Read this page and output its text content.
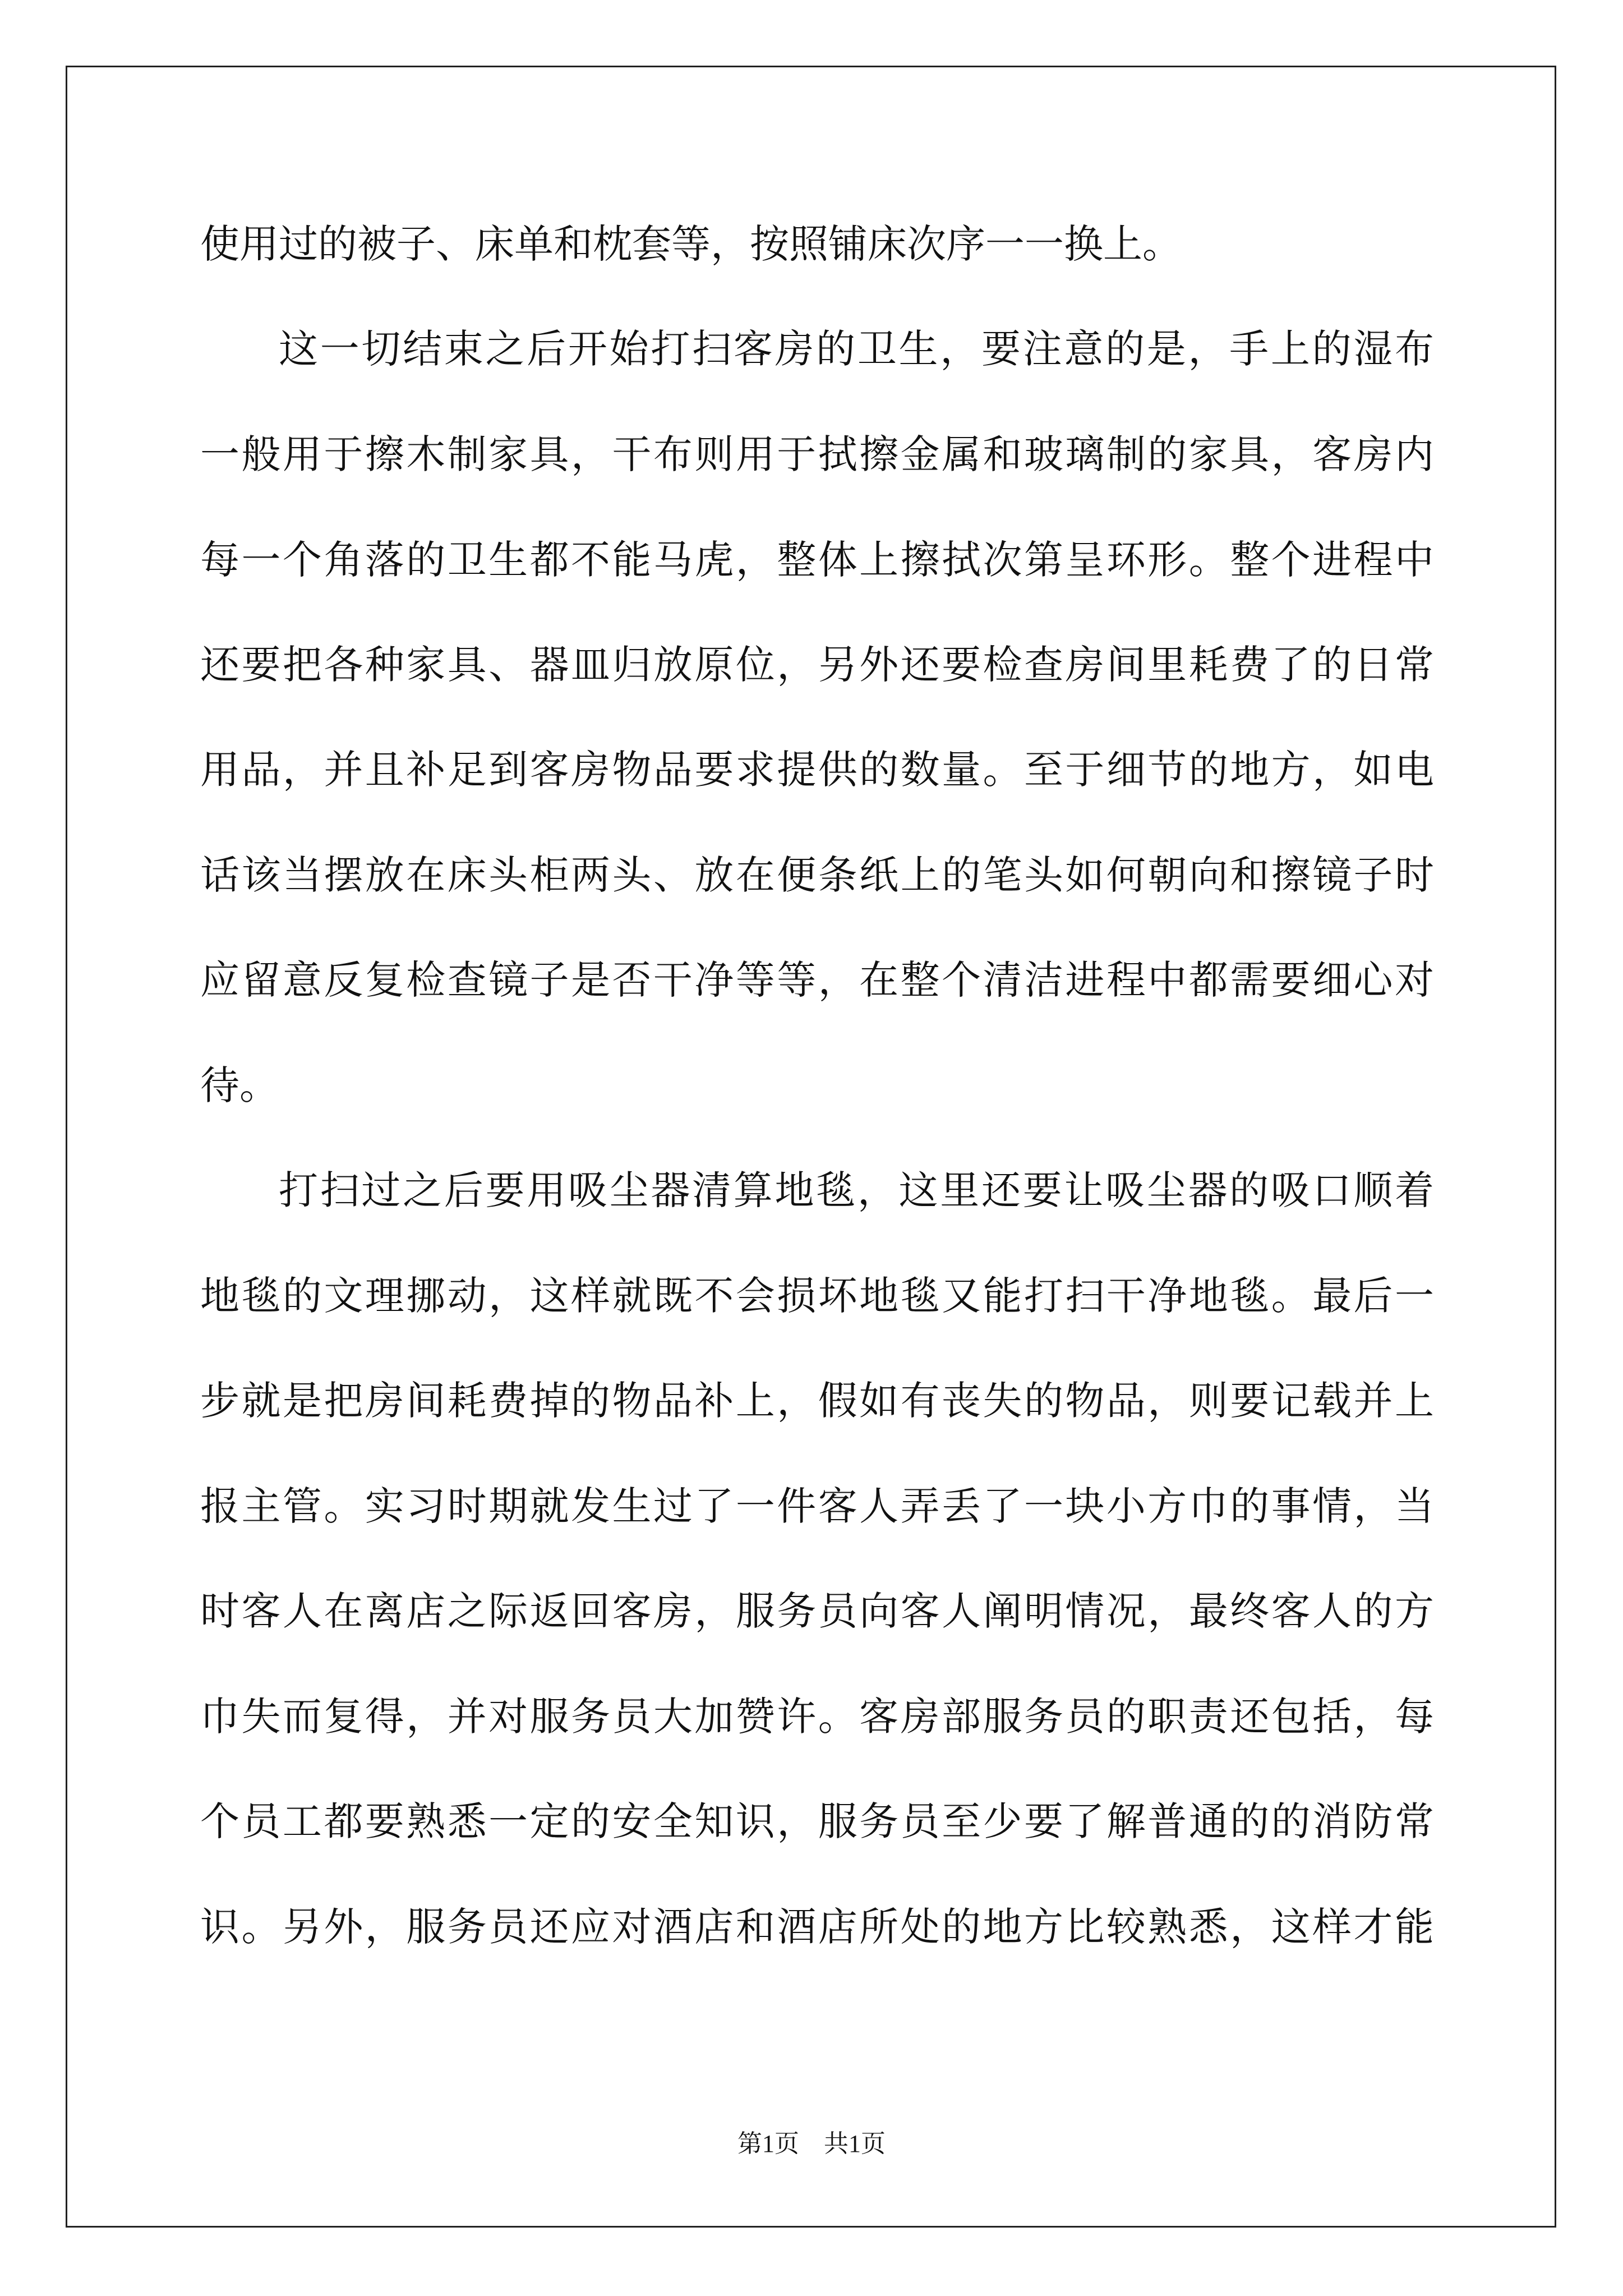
使用过的被子、床单和枕套等，按照铺床次序一一换上。
这一切结束之后开始打扫客房的卫生，要注意的是，手上的湿布
一般用于擦木制家具，干布则用于拭擦金属和玻璃制的家具，客房内
每一个角落的卫生都不能马虎，整体上擦拭次第呈环形。整个进程中
还要把各种家具、器皿归放原位，另外还要检查房间里耗费了的日常
用品，并且补足到客房物品要求提供的数量。至于细节的地方，如电
话该当摆放在床头柜两头、放在便条纸上的笔头如何朝向和擦镜子时
应留意反复检查镜子是否干净等等，在整个清洁进程中都需要细心对
待。
打扫过之后要用吸尘器清算地毯，这里还要让吸尘器的吸口顺着
地毯的文理挪动，这样就既不会损坏地毯又能打扫干净地毯。最后一
步就是把房间耗费掉的物品补上，假如有丧失的物品，则要记载并上
报主管。实习时期就发生过了一件客人弄丢了一块小方巾的事情，当
时客人在离店之际返回客房，服务员向客人阐明情况，最终客人的方
巾失而复得，并对服务员大加赞许。客房部服务员的职责还包括，每
个员工都要熟悉一定的安全知识，服务员至少要了解普通的的消防常
识。另外，服务员还应对酒店和酒店所处的地方比较熟悉，这样才能
第1页　共1页
